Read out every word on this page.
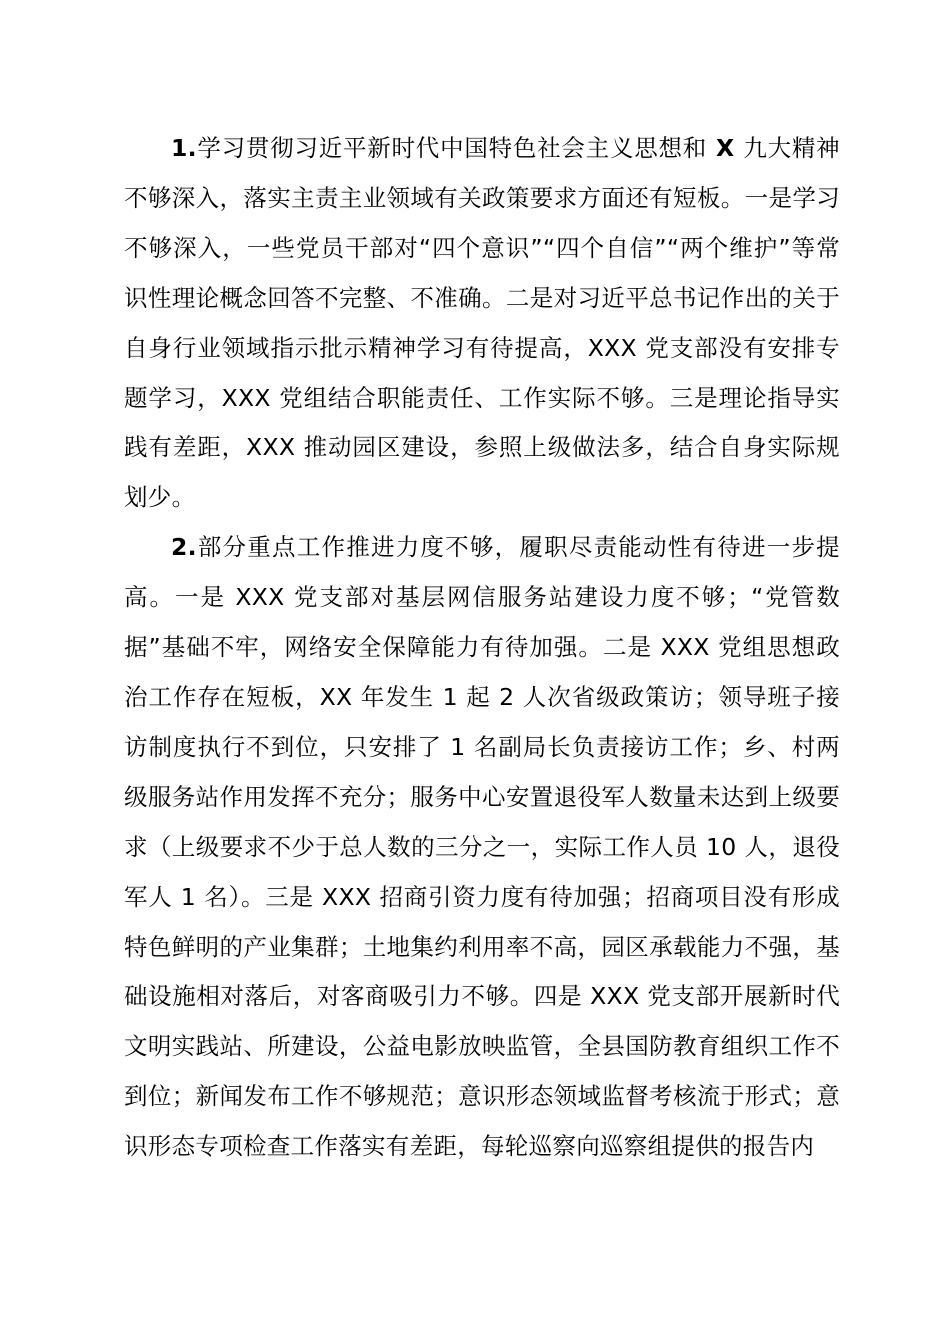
1.学习贯彻习近平新时代中国特色社会主义思想和 X 九大精神不够深入，落实主责主业领域有关政策要求方面还有短板。一是学习不够深入，一些党员干部对“四个意识”“四个自信”“两个维护”等常识性理论概念回答不完整、不准确。二是对习近平总书记作出的关于自身行业领域指示批示精神学习有待提高，XXX 党支部没有安排专题学习，XXX 党组结合职能责任、工作实际不够。三是理论指导实践有差距，XXX 推动园区建设，参照上级做法多，结合自身实际规划少。

2.部分重点工作推进力度不够，履职尽责能动性有待进一步提高。一是 XXX 党支部对基层网信服务站建设力度不够；“党管数据”基础不牢，网络安全保障能力有待加强。二是 XXX 党组思想政治工作存在短板，XX 年发生 1 起 2 人次省级政策访；领导班子接访制度执行不到位，只安排了 1 名副局长负责接访工作；乡、村两级服务站作用发挥不充分；服务中心安置退役军人数量未达到上级要求（上级要求不少于总人数的三分之一，实际工作人员 10 人，退役军人 1 名）。三是 XXX 招商引资力度有待加强；招商项目没有形成特色鲜明的产业集群；土地集约利用率不高，园区承载能力不强，基础设施相对落后，对客商吸引力不够。四是 XXX 党支部开展新时代文明实践站、所建设，公益电影放映监管，全县国防教育组织工作不到位；新闻发布工作不够规范；意识形态领域监督考核流于形式；意识形态专项检查工作落实有差距，每轮巡察向巡察组提供的报告内
